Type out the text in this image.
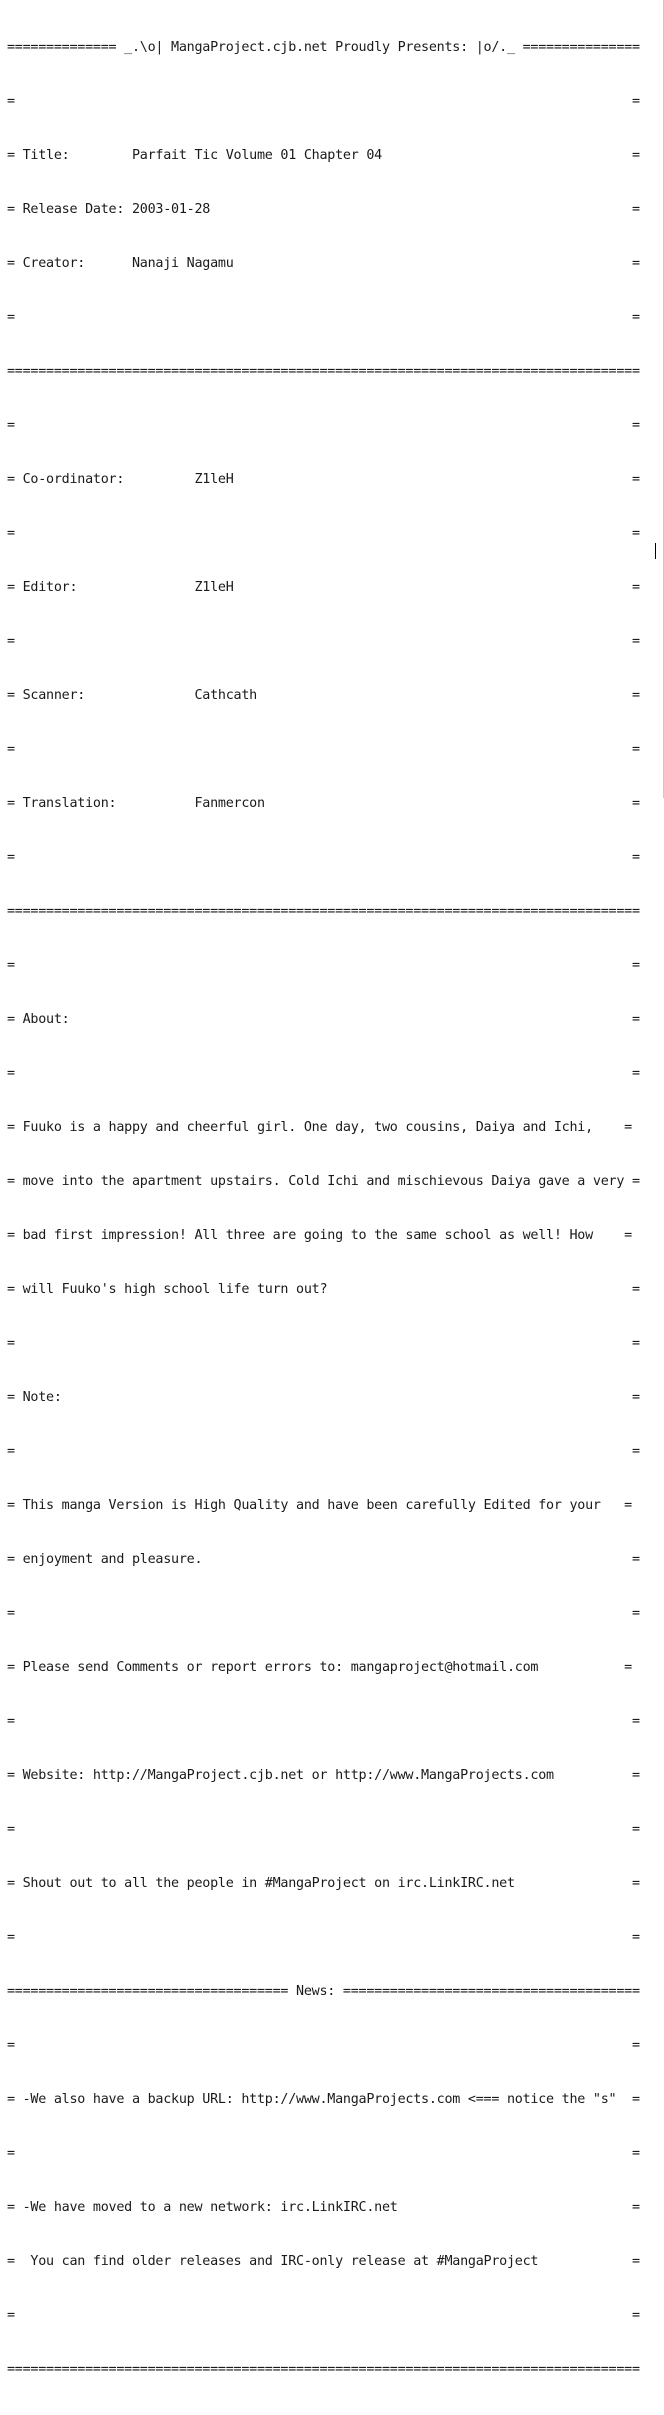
============== _.\o| MangaProject.cjb.net Proudly Presents: |o/._ ===============

=                                                                               =

= Title:        Parfait Tic Volume 01 Chapter 04                                =

= Release Date: 2003-01-28                                                      =

= Creator:      Nanaji Nagamu                                                   =

=                                                                               =

=================================================================================

=                                                                               =

= Co-ordinator:         Z1leH                                                   =

=                                                                               =

= Editor:               Z1leH                                                   =

=                                                                               =

= Scanner:              Cathcath                                                =

=                                                                               =

= Translation:          Fanmercon                                               =

=                                                                               =

=================================================================================

=                                                                               =

= About:                                                                        =

=                                                                               =

= Fuuko is a happy and cheerful girl. One day, two cousins, Daiya and Ichi,    =

= move into the apartment upstairs. Cold Ichi and mischievous Daiya gave a very =

= bad first impression! All three are going to the same school as well! How    =

= will Fuuko's high school life turn out?                                       =

=                                                                               =

= Note:                                                                         =

=                                                                               =

= This manga Version is High Quality and have been carefully Edited for your   =

= enjoyment and pleasure.                                                       =

=                                                                               =

= Please send Comments or report errors to: mangaproject@hotmail.com           =

=                                                                               =

= Website: http://MangaProject.cjb.net or http://www.MangaProjects.com          =

=                                                                               =

= Shout out to all the people in #MangaProject on irc.LinkIRC.net               =

=                                                                               =

==================================== News: ======================================

=                                                                               =

= -We also have a backup URL: http://www.MangaProjects.com <=== notice the "s"  =

=                                                                               =

= -We have moved to a new network: irc.LinkIRC.net                              =

=  You can find older releases and IRC-only release at #MangaProject            =

=                                                                               =

=================================================================================
